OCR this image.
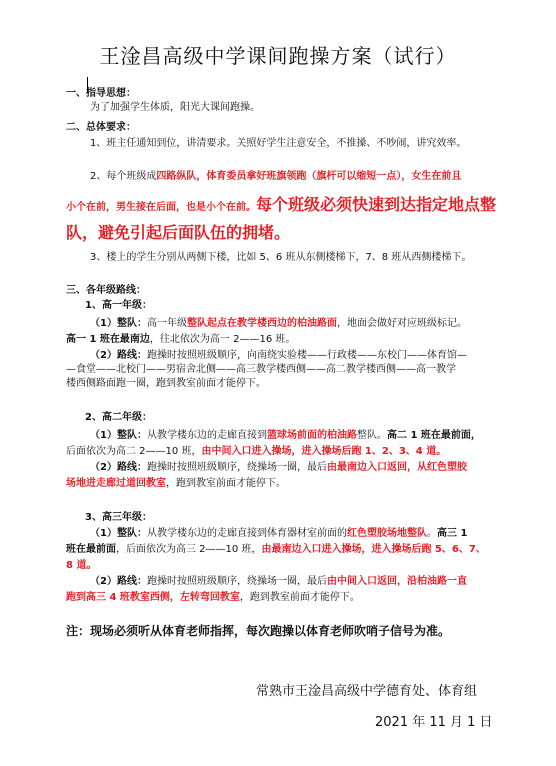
王淦昌高级中学课间跑操方案（试行）
一、指导思想：
为了加强学生体质，阳光大课间跑操。
二、总体要求：
1、班主任通知到位，讲清要求。关照好学生注意安全，不推搡、不吵闹，讲究效率。
2、每个班级成四路纵队，体育委员拿好班旗领跑（旗杆可以缩短一点），女生在前且
小个在前，男生接在后面，也是小个在前。每个班级必须快速到达指定地点整
队，避免引起后面队伍的拥堵。
3、楼上的学生分别从两侧下楼，比如 5、6 班从东侧楼梯下，7、8 班从西侧楼梯下。
三、各年级路线：
1、高一年级：
（1）整队：高一年级整队起点在教学楼西边的柏油路面，地面会做好对应班级标记。
高一 1 班在最南边，往北依次为高一 2——16 班。
（2）路线：跑操时按照班级顺序，向南绕实验楼——行政楼——东校门——体育馆—
—食堂——北校门——男宿舍北侧——高三教学楼西侧——高二教学楼西侧——高一教学
楼西侧路面跑一圈，跑到教室前面才能停下。
2、高二年级：
（1）整队：从教学楼东边的走廊直接到篮球场前面的柏油路整队。高二 1 班在最前面，
后面依次为高二 2——10 班，由中间入口进入操场，进入操场后跑 1、2、3、4 道。
（2）路线：跑操时按照班级顺序，绕操场一圈，最后由最南边入口返回，从红色塑胶
场地进走廊过道回教室，跑到教室前面才能停下。
3、高三年级：
（1）整队：从教学楼东边的走廊直接到体育器材室前面的红色塑胶场地整队。高三 1
班在最前面，后面依次为高三 2——10 班，由最南边入口进入操场，进入操场后跑 5、6、7、
8 道。
（2）路线：跑操时按照班级顺序，绕操场一圈，最后由中间入口返回，沿柏油路一直
跑到高三 4 班教室西侧，左转弯回教室，跑到教室前面才能停下。
注：现场必须听从体育老师指挥，每次跑操以体育老师吹哨子信号为准。
常熟市王淦昌高级中学德育处、体育组
2021 年 11 月 1 日
